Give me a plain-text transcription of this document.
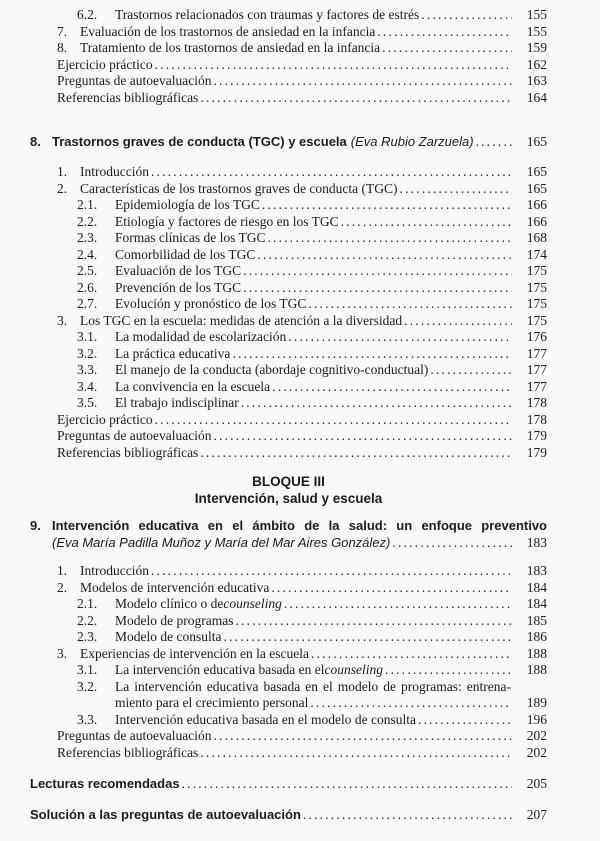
6.2.	Trastornos relacionados con traumas y factores de estrés .....	155
7. Evaluación de los trastornos de ansiedad en la infancia .....	155
8. Tratamiento de los trastornos de ansiedad en la infancia .....	159
Ejercicio práctico .....	162
Preguntas de autoevaluación .....	163
Referencias bibliográficas .....	164
8. Trastornos graves de conducta (TGC) y escuela (Eva Rubio Zarzuela) .....	165
1. Introducción .....	165
2. Características de los trastornos graves de conducta (TGC) .....	165
2.1.	Epidemiología de los TGC .....	166
2.2.	Etiología y factores de riesgo en los TGC .....	166
2.3.	Formas clínicas de los TGC .....	168
2.4.	Comorbilidad de los TGC .....	174
2.5.	Evaluación de los TGC .....	175
2.6.	Prevención de los TGC .....	175
2.7.	Evolución y pronóstico de los TGC .....	175
3. Los TGC en la escuela: medidas de atención a la diversidad .....	175
3.1.	La modalidad de escolarización .....	176
3.2.	La práctica educativa .....	177
3.3.	El manejo de la conducta (abordaje cognitivo-conductual) .....	177
3.4.	La convivencia en la escuela .....	177
3.5.	El trabajo indisciplinar .....	178
Ejercicio práctico .....	178
Preguntas de autoevaluación .....	179
Referencias bibliográficas .....	179
BLOQUE III
Intervención, salud y escuela
9. Intervención educativa en el ámbito de la salud: un enfoque preventivo
(Eva María Padilla Muñoz y María del Mar Aires González) .....	183
1. Introducción .....	183
2. Modelos de intervención educativa .....	184
2.1.	Modelo clínico o de counseling .....	184
2.2.	Modelo de programas .....	185
2.3.	Modelo de consulta .....	186
3. Experiencias de intervención en la escuela .....	188
3.1.	La intervención educativa basada en el counseling .....	188
3.2. La intervención educativa basada en el modelo de programas: entrena-
miento para el crecimiento personal .....	189
3.3.	Intervención educativa basada en el modelo de consulta .....	196
Preguntas de autoevaluación .....	202
Referencias bibliográficas .....	202
Lecturas recomendadas .....	205
Solución a las preguntas de autoevaluación .....	207
